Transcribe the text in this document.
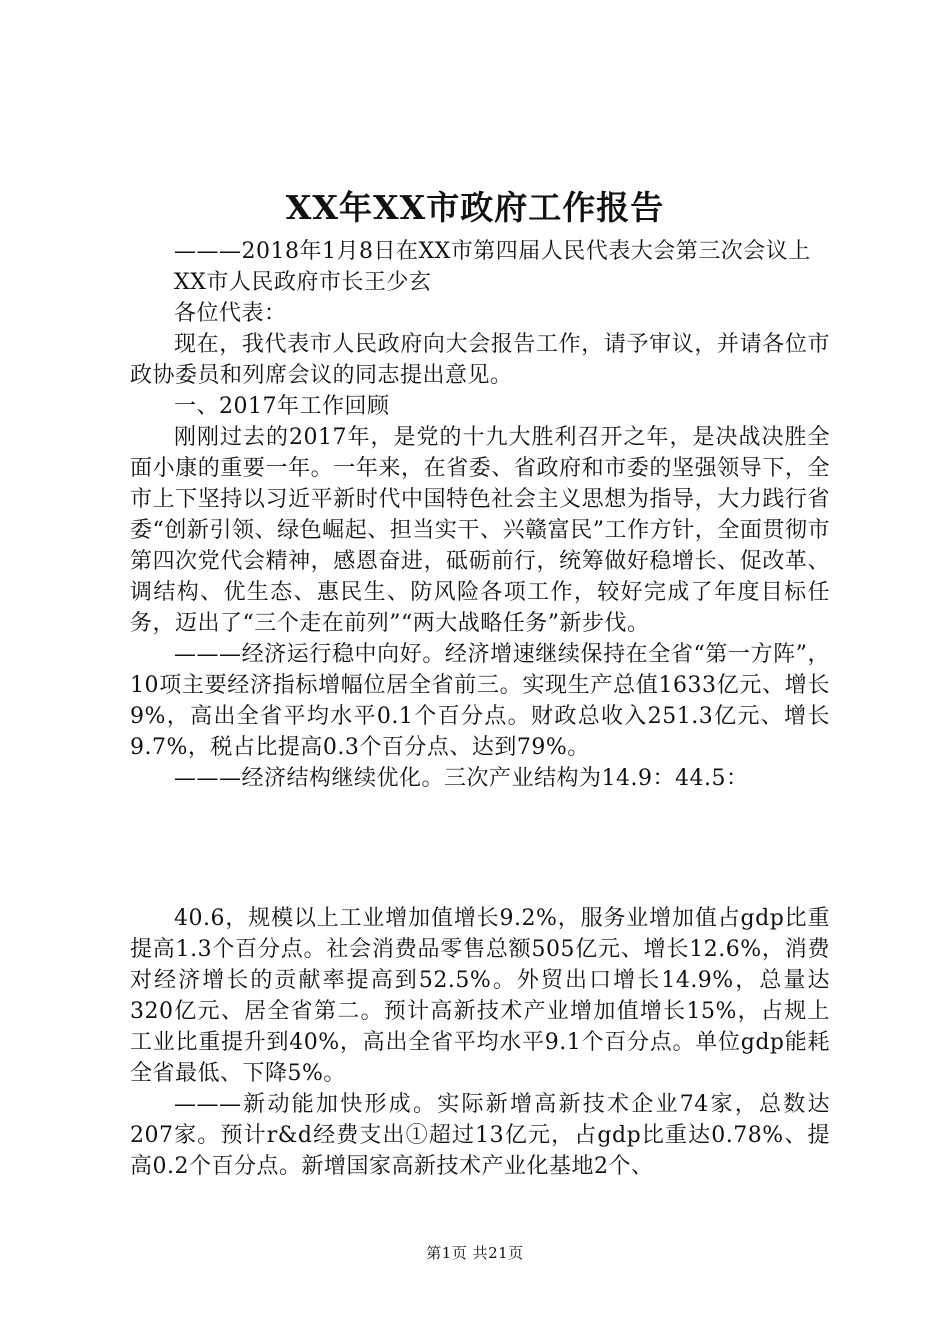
XX年XX市政府工作报告

———2018年1月8日在XX市第四届人民代表大会第三次会议上

XX市人民政府市长王少玄

各位代表：

现在，我代表市人民政府向大会报告工作，请予审议，并请各位市政协委员和列席会议的同志提出意见。

一、2017年工作回顾

刚刚过去的2017年，是党的十九大胜利召开之年，是决战决胜全面小康的重要一年。一年来，在省委、省政府和市委的坚强领导下，全市上下坚持以习近平新时代中国特色社会主义思想为指导，大力践行省委“创新引领、绿色崛起、担当实干、兴赣富民”工作方针，全面贯彻市第四次党代会精神，感恩奋进，砥砺前行，统筹做好稳增长、促改革、调结构、优生态、惠民生、防风险各项工作，较好完成了年度目标任务，迈出了“三个走在前列”“两大战略任务”新步伐。

———经济运行稳中向好。经济增速继续保持在全省“第一方阵”，10项主要经济指标增幅位居全省前三。实现生产总值1633亿元、增长9%，高出全省平均水平0.1个百分点。财政总收入251.3亿元、增长9.7%，税占比提高0.3个百分点、达到79%。

———经济结构继续优化。三次产业结构为14.9：44.5：

40.6，规模以上工业增加值增长9.2%，服务业增加值占gdp比重提高1.3个百分点。社会消费品零售总额505亿元、增长12.6%，消费对经济增长的贡献率提高到52.5%。外贸出口增长14.9%，总量达320亿元、居全省第二。预计高新技术产业增加值增长15%，占规上工业比重提升到40%，高出全省平均水平9.1个百分点。单位gdp能耗全省最低、下降5%。

———新动能加快形成。实际新增高新技术企业74家，总数达207家。预计r&d经费支出①超过13亿元，占gdp比重达0.78%、提高0.2个百分点。新增国家高新技术产业化基地2个、

第1页 共21页
